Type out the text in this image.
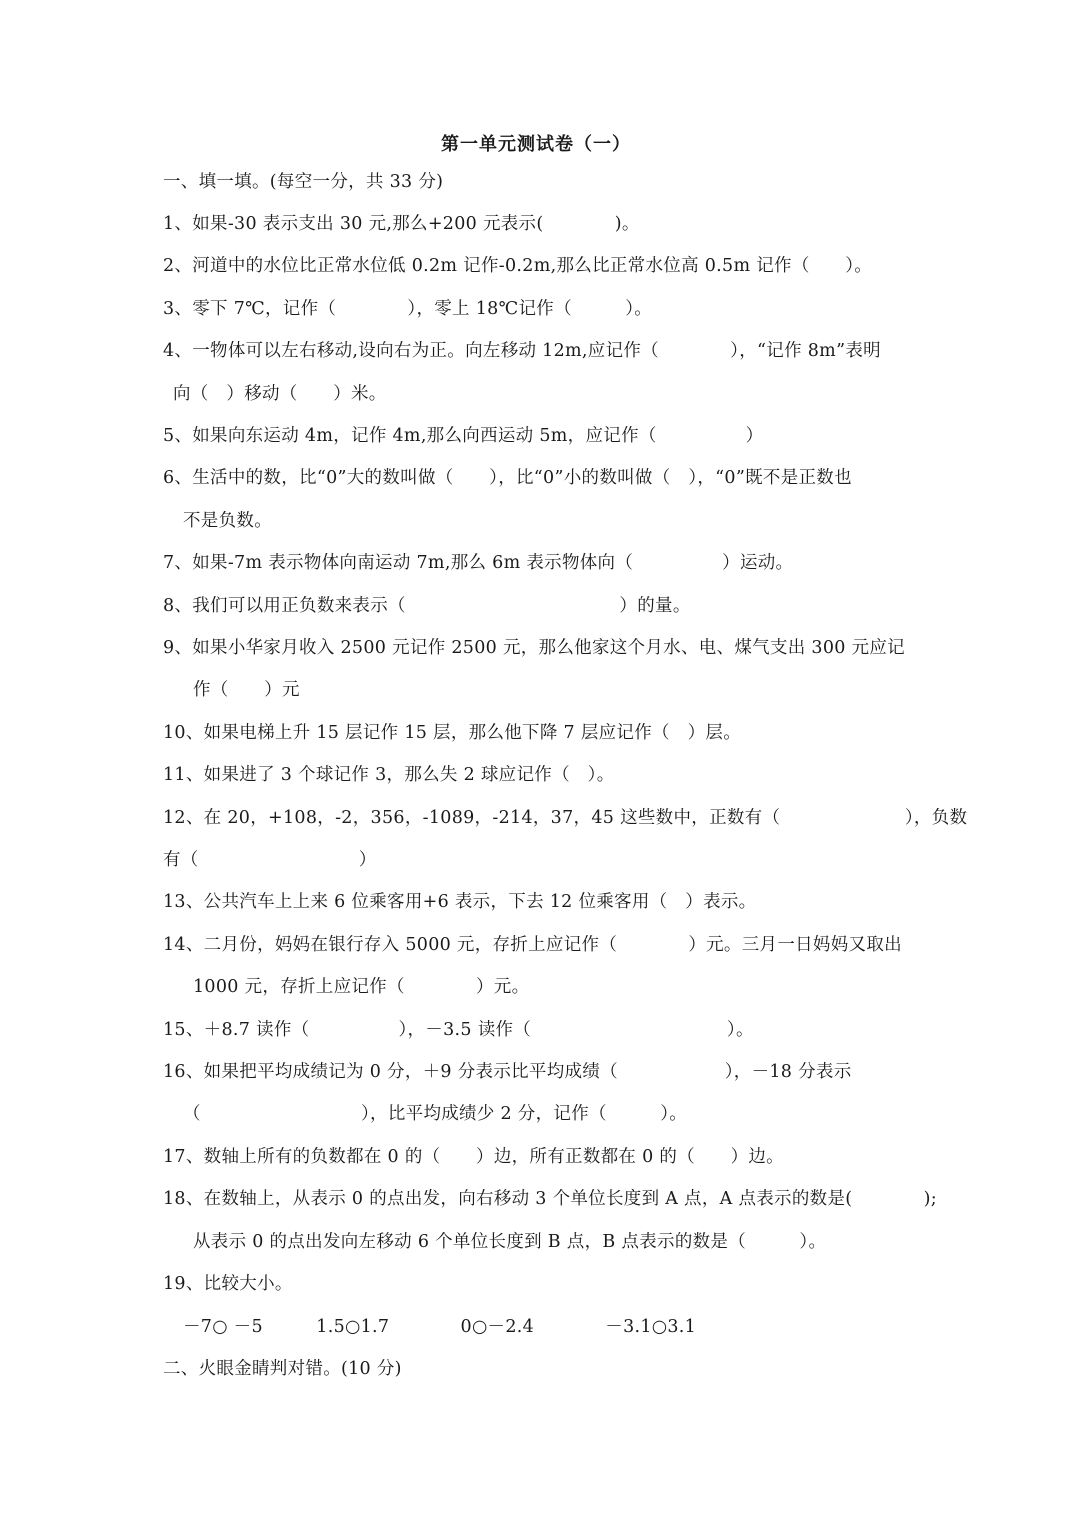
第一单元测试卷（一）
一、填一填。(每空一分，共 33 分)
1、如果-30 表示支出 30 元,那么+200 元表示(　　　　)。
2、河道中的水位比正常水位低 0.2m 记作-0.2m,那么比正常水位高 0.5m 记作（　　）。
3、零下 7℃，记作（　　　　），零上 18℃记作（　　　）。
4、一物体可以左右移动,设向右为正。向左移动 12m,应记作（　　　　），“记作 8m”表明
向（　）移动（　　）米。
5、如果向东运动 4m，记作 4m,那么向西运动 5m，应记作（　　　　　）
6、生活中的数，比“0”大的数叫做（　　），比“0”小的数叫做（　），“0”既不是正数也
不是负数。
7、如果-7m 表示物体向南运动 7m,那么 6m 表示物体向（　　　　　）运动。
8、我们可以用正负数来表示（　　　　　　　　　　　　）的量。
9、如果小华家月收入 2500 元记作 2500 元，那么他家这个月水、电、煤气支出 300 元应记
作（　　）元
10、如果电梯上升 15 层记作 15 层，那么他下降 7 层应记作（　）层。
11、如果进了 3 个球记作 3，那么失 2 球应记作（　）。
12、在 20，+108，-2，356，-1089，-214，37，45 这些数中，正数有（　　　　　　　），负数
有（　　　　　　　　　）
13、公共汽车上上来 6 位乘客用+6 表示，下去 12 位乘客用（　）表示。
14、二月份，妈妈在银行存入 5000 元，存折上应记作（　　　　）元。三月一日妈妈又取出
1000 元，存折上应记作（　　　　）元。
15、＋8.7 读作（　　　　　），－3.5 读作（　　　　　　　　　　　）。
16、如果把平均成绩记为 0 分，＋9 分表示比平均成绩（　　　　　　），－18 分表示
（　　　　　　　　　），比平均成绩少 2 分，记作（　　　）。
17、数轴上所有的负数都在 0 的（　　）边，所有正数都在 0 的（　　）边。
18、在数轴上，从表示 0 的点出发，向右移动 3 个单位长度到 A 点，A 点表示的数是(　　　　);
从表示 0 的点出发向左移动 6 个单位长度到 B 点，B 点表示的数是（　　　）。
19、比较大小。
－7○ －5　　　1.5○1.7　　　　0○－2.4　　　　－3.1○3.1
二、火眼金睛判对错。(10 分)
